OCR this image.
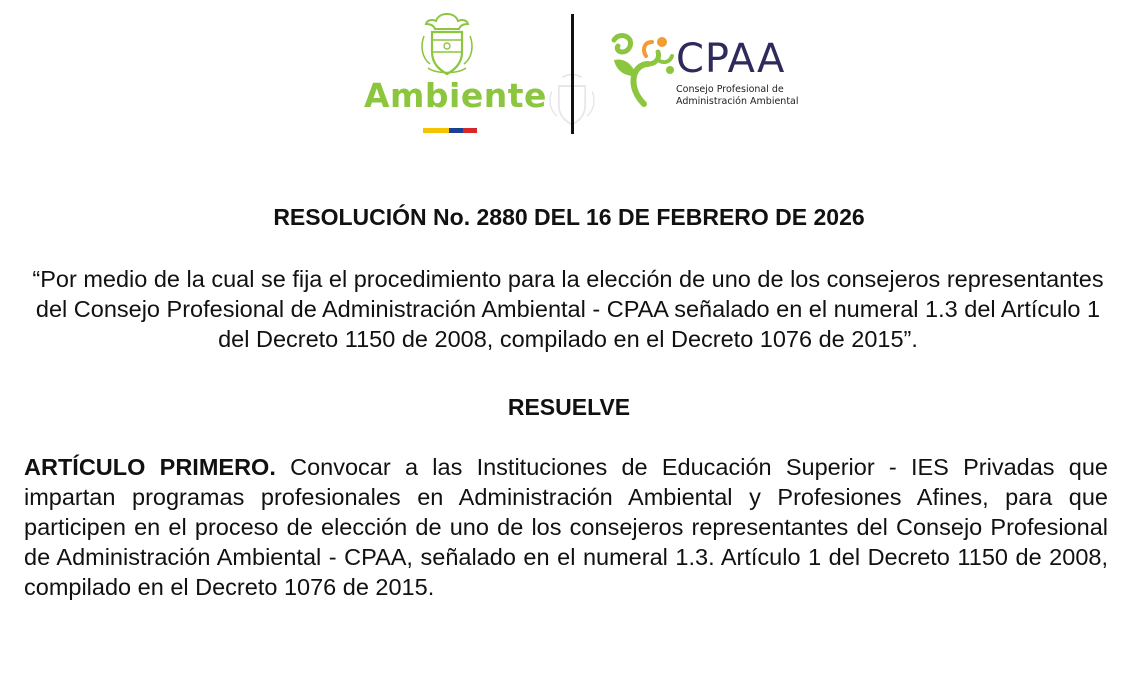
Ambiente
CPAA
Consejo Profesional de
Administración Ambiental
RESOLUCIÓN No. 2880 DEL 16 DE FEBRERO DE 2026
“Por medio de la cual se fija el procedimiento para la elección de uno de los consejeros representantes del Consejo Profesional de Administración Ambiental - CPAA señalado en el numeral 1.3 del Artículo 1 del Decreto 1150 de 2008, compilado en el Decreto 1076 de 2015”.
RESUELVE
ARTÍCULO PRIMERO. Convocar a las Instituciones de Educación Superior - IES Privadas que impartan programas profesionales en Administración Ambiental y Profesiones Afines, para que participen en el proceso de elección de uno de los consejeros representantes del Consejo Profesional de Administración Ambiental - CPAA, señalado en el numeral 1.3. Artículo 1 del Decreto 1150 de 2008, compilado en el Decreto 1076 de 2015.
